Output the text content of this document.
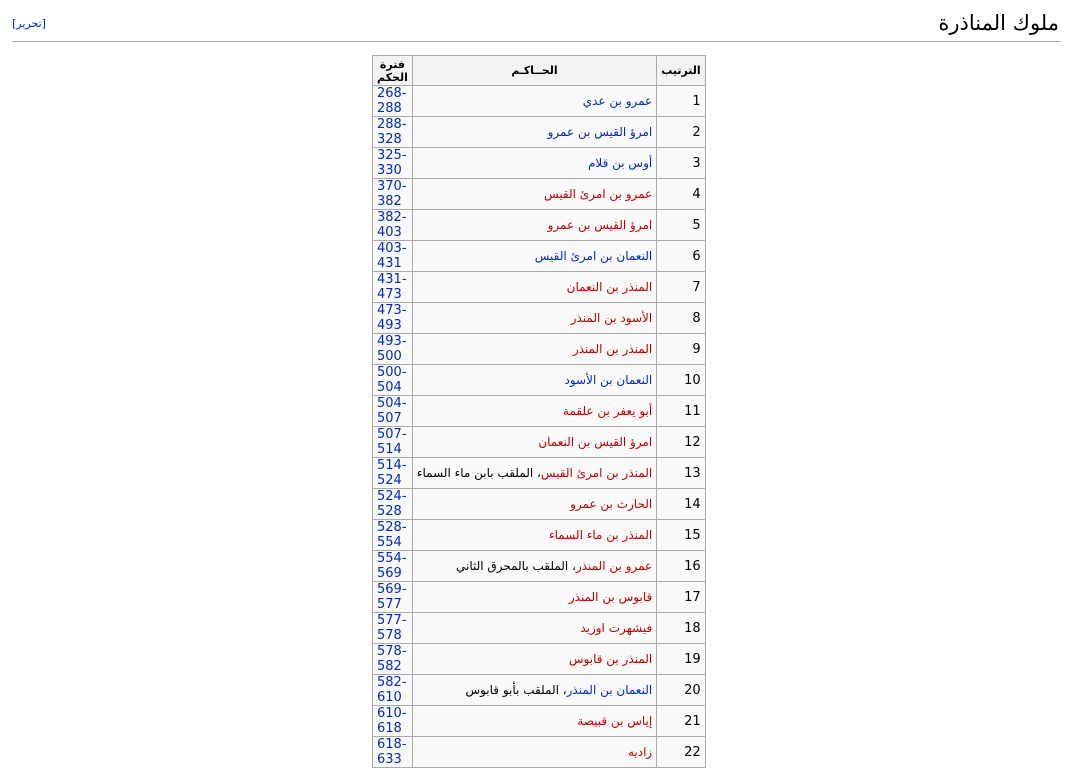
ملوك المناذرة
[تحرير]
الترتيب	الحــاكـم	فترة الحكم
1	عمرو بن عدي	268-288
2	امرؤ القيس بن عمرو	288-328
3	أوس بن قلام	325-330
4	عمرو بن امرئ القيس	370-382
5	امرؤ القيس بن عمرو	382-403
6	النعمان بن امرئ القيس	403-431
7	المنذر بن النعمان	431-473
8	الأسود بن المنذر	473-493
9	المنذر بن المنذر	493-500
10	النعمان بن الأسود	500-504
11	أبو يعفر بن علقمة	504-507
12	امرؤ القيس بن النعمان	507-514
13	المنذر بن امرئ القيس، الملقب بابن ماء السماء	514-524
14	الحارث بن عمرو	524-528
15	المنذر بن ماء السماء	528-554
16	عمرو بن المنذر، الملقب بالمحرق الثاني	554-569
17	قابوس بن المنذر	569-577
18	فيشهرت اوزيد	577-578
19	المنذر بن قابوس	578-582
20	النعمان بن المنذر، الملقب بأبو قابوس	582-610
21	إياس بن قبيصة	610-618
22	زاديه	618-633
